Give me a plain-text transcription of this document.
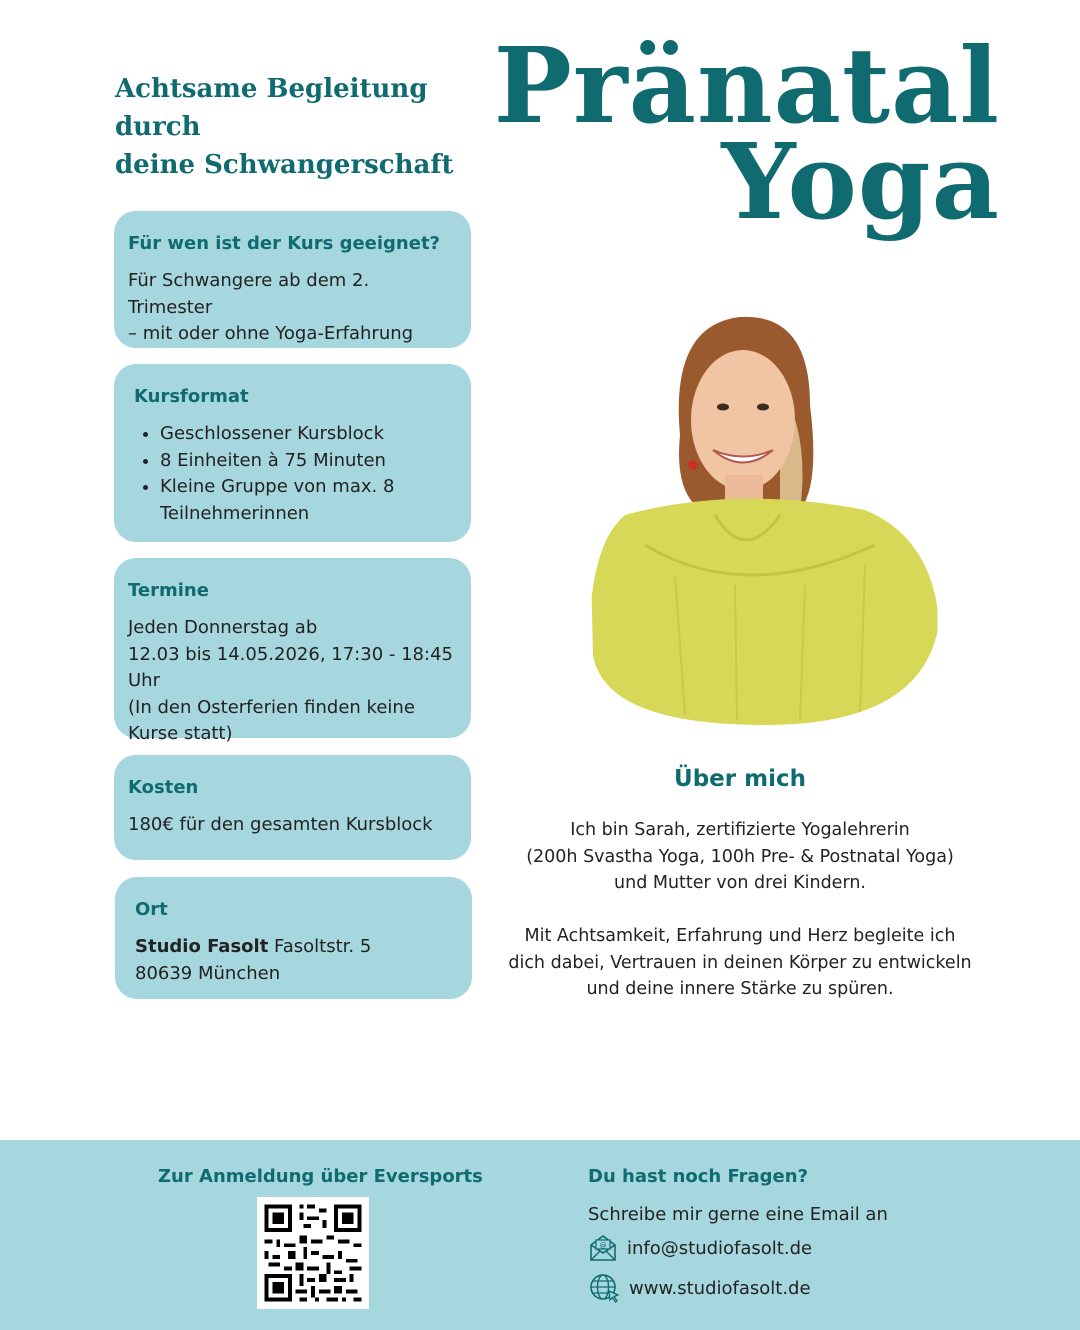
Achtsame Begleitung durch
deine Schwangerschaft
Pränatal
Yoga
Für wen ist der Kurs geeignet?

Für Schwangere ab dem 2. Trimester

– mit oder ohne Yoga-Erfahrung

Kursformat
• Geschlossener Kursblock
• 8 Einheiten à 75 Minuten
• Kleine Gruppe von max. 8 Teilnehmerinnen
Termine

Jeden Donnerstag ab

12.03 bis 14.05.2026, 17:30 - 18:45 Uhr

(In den Osterferien finden keine

Kurse statt)

Kosten

180€ für den gesamten Kursblock

Ort

Studio Fasolt Fasoltstr. 5

80639 München

Über mich

Ich bin Sarah, zertifizierte Yogalehrerin

(200h Svastha Yoga, 100h Pre- & Postnatal Yoga)

und Mutter von drei Kindern.

Mit Achtsamkeit, Erfahrung und Herz begleite ich

dich dabei, Vertrauen in deinen Körper zu entwickeln

und deine innere Stärke zu spüren.

Zur Anmeldung über Eversports	Du hast noch Fragen?
Schreibe mir gerne eine Email an
@ info@studiofasolt.de
www.studiofasolt.de
